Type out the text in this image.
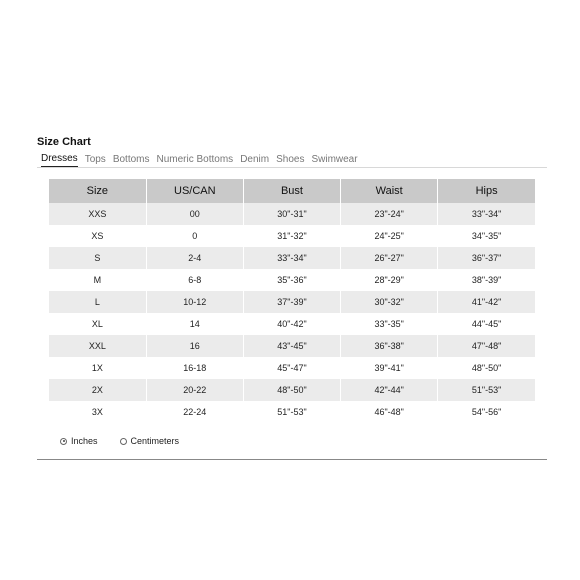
Size Chart
Dresses Tops Bottoms Numeric Bottoms Denim Shoes Swimwear
Size	US/CAN	Bust	Waist	Hips
XXS	00	30"-31"	23"-24"	33"-34"
XS	0	31"-32"	24"-25"	34"-35"
S	2-4	33"-34"	26"-27"	36"-37"
M	6-8	35"-36"	28"-29"	38"-39"
L	10-12	37"-39"	30"-32"	41"-42"
XL	14	40"-42"	33"-35"	44"-45"
XXL	16	43"-45"	36"-38"	47"-48"
1X	16-18	45"-47"	39"-41"	48"-50"
2X	20-22	48"-50"	42"-44"	51"-53"
3X	22-24	51"-53"	46"-48"	54"-56"
Inches	Centimeters
